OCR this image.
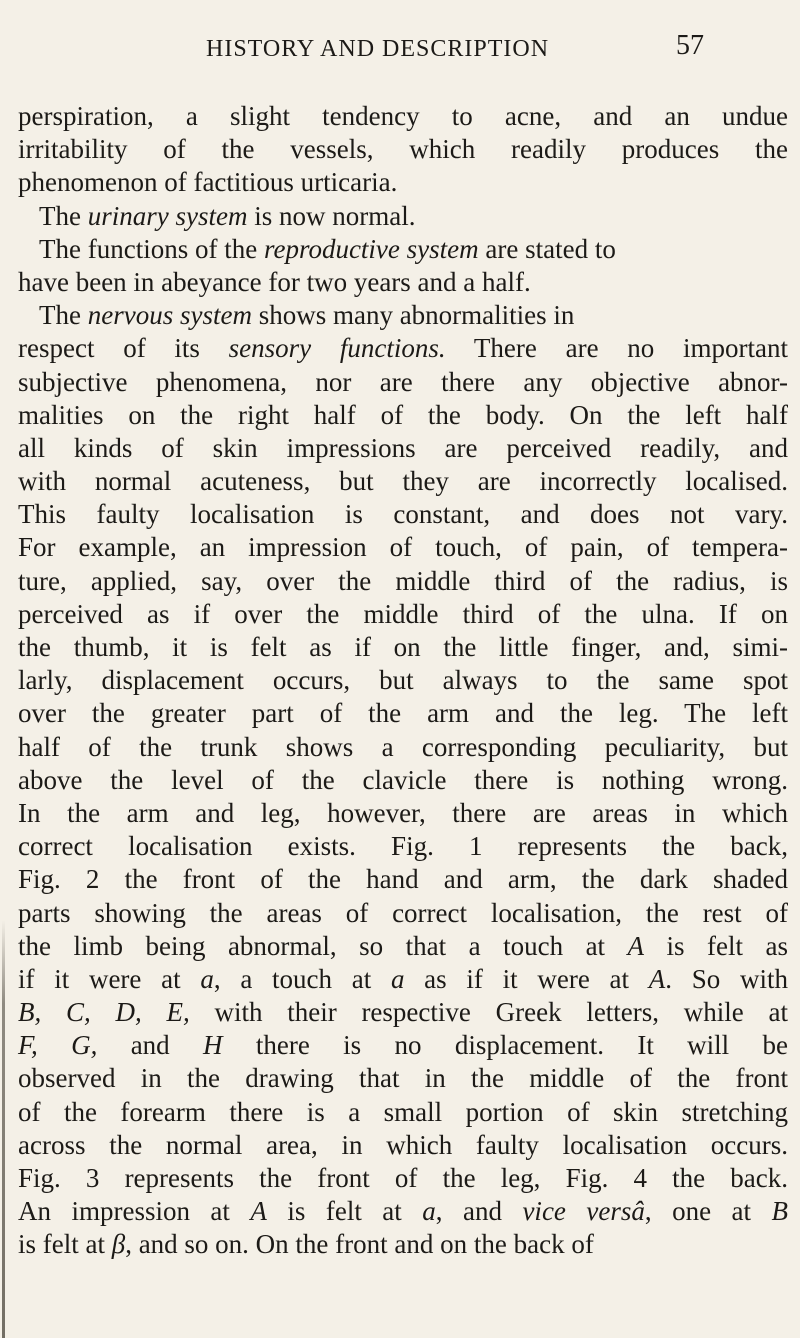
HISTORY AND DESCRIPTION	57
perspiration, a slight tendency to acne, and an undue
irritability of the vessels, which readily produces the
phenomenon of factitious urticaria.
The urinary system is now normal.
The functions of the reproductive system are stated to
have been in abeyance for two years and a half.
The nervous system shows many abnormalities in
respect of its sensory functions. There are no important
subjective phenomena, nor are there any objective abnor-
malities on the right half of the body. On the left half
all kinds of skin impressions are perceived readily, and
with normal acuteness, but they are incorrectly localised.
This faulty localisation is constant, and does not vary.
For example, an impression of touch, of pain, of tempera-
ture, applied, say, over the middle third of the radius, is
perceived as if over the middle third of the ulna. If on
the thumb, it is felt as if on the little finger, and, simi-
larly, displacement occurs, but always to the same spot
over the greater part of the arm and the leg. The left
half of the trunk shows a corresponding peculiarity, but
above the level of the clavicle there is nothing wrong.
In the arm and leg, however, there are areas in which
correct localisation exists. Fig. 1 represents the back,
Fig. 2 the front of the hand and arm, the dark shaded
parts showing the areas of correct localisation, the rest of
the limb being abnormal, so that a touch at A is felt as
if it were at a, a touch at a as if it were at A. So with
B, C, D, E, with their respective Greek letters, while at
F, G, and H there is no displacement. It will be
observed in the drawing that in the middle of the front
of the forearm there is a small portion of skin stretching
across the normal area, in which faulty localisation occurs.
Fig. 3 represents the front of the leg, Fig. 4 the back.
An impression at A is felt at a, and vice versâ, one at B
is felt at β, and so on. On the front and on the back of
